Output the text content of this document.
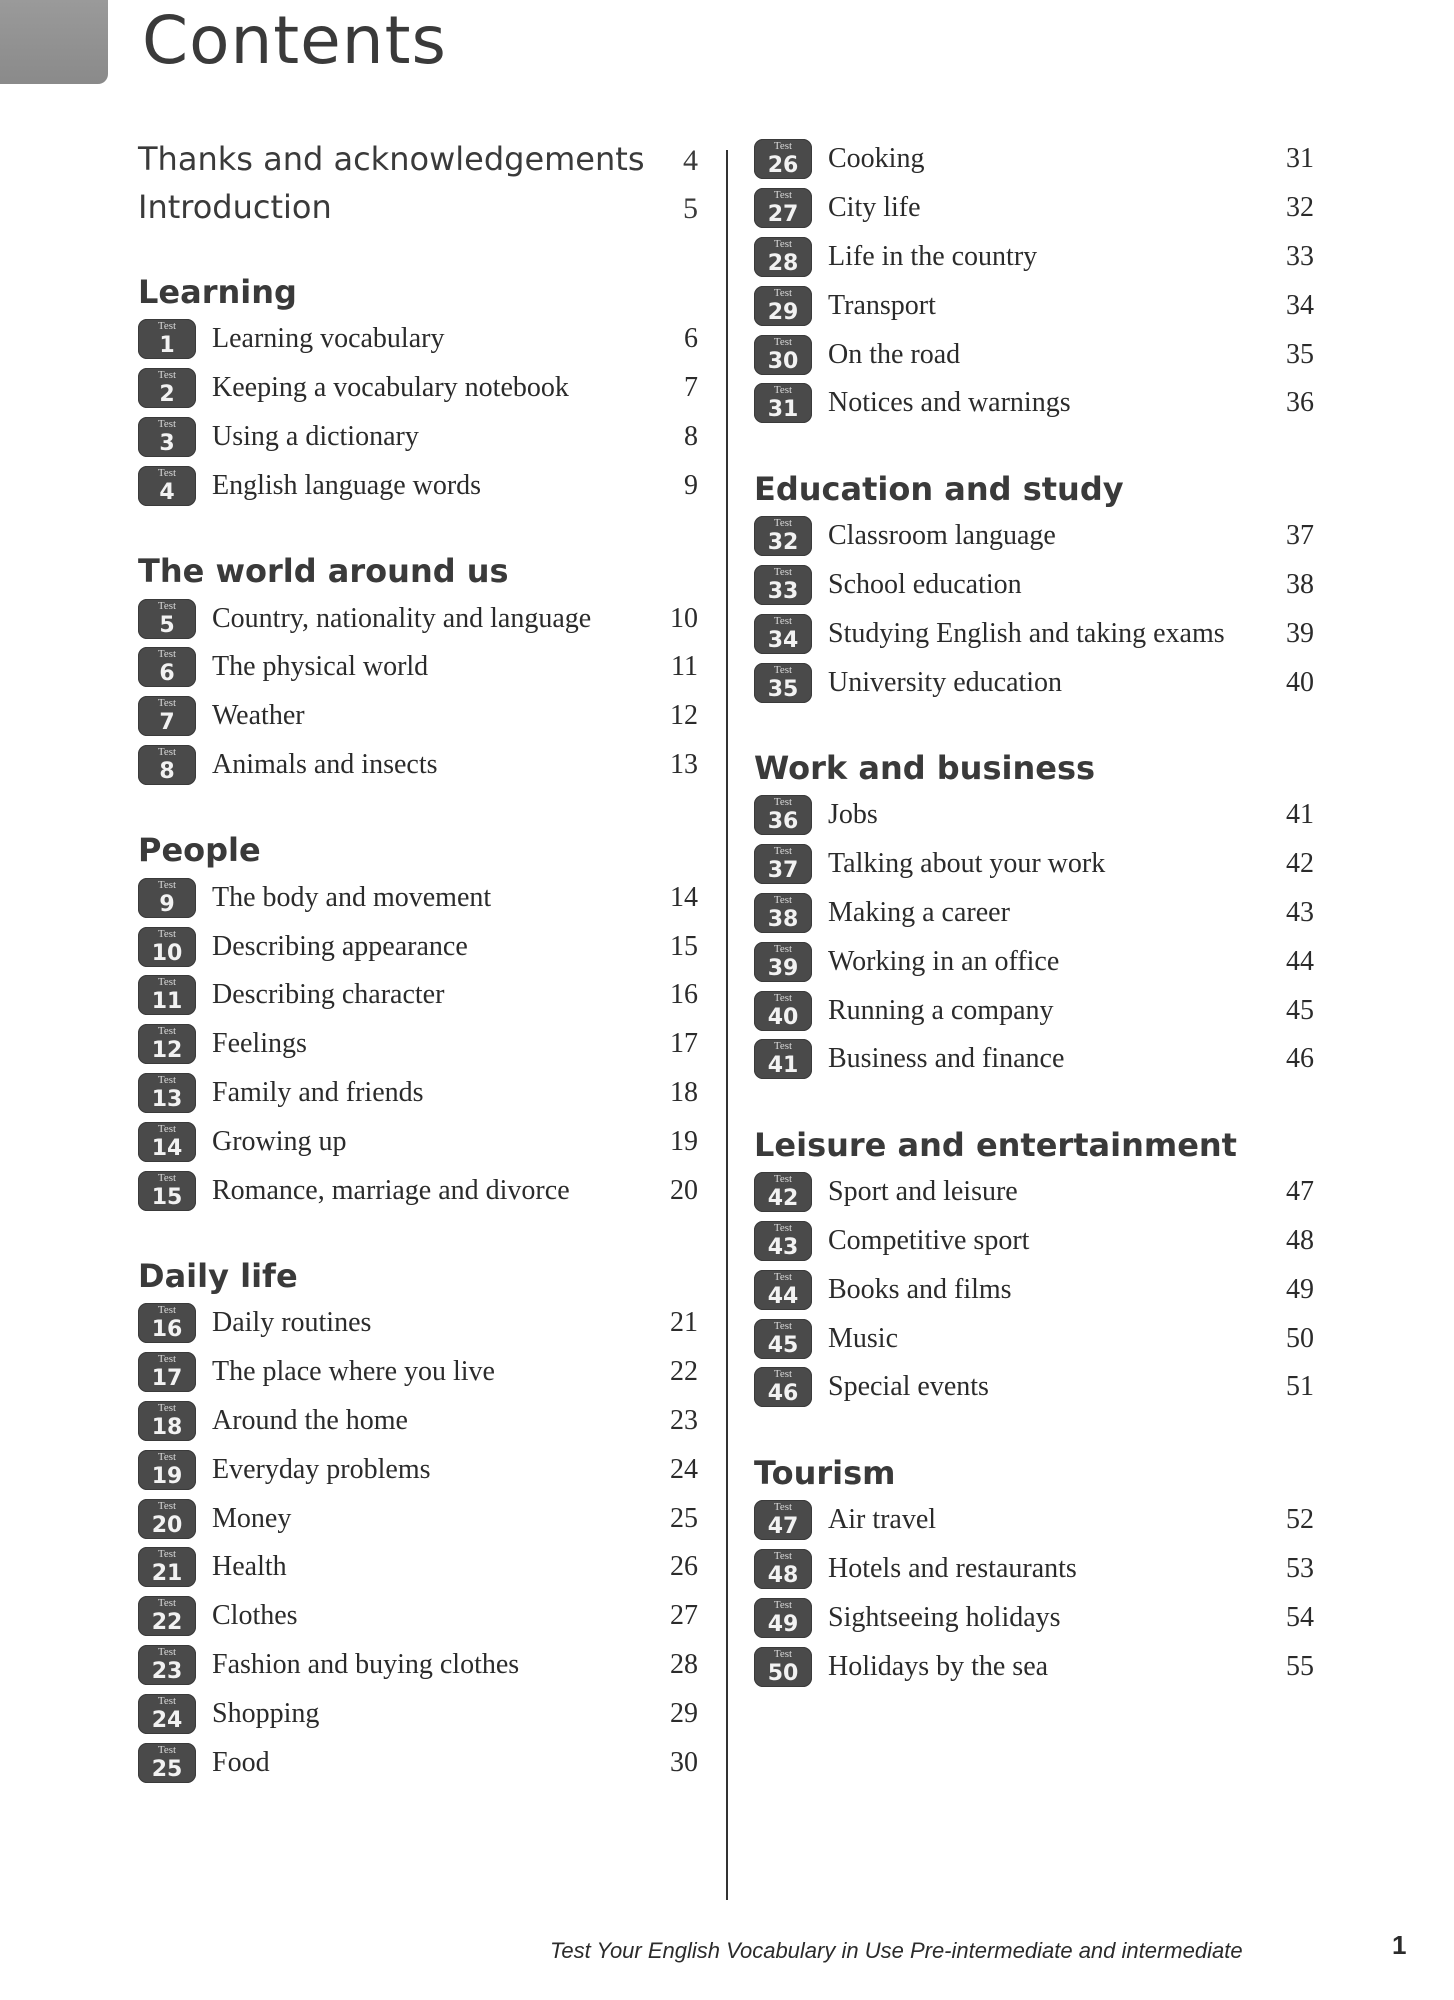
Contents
Thanks and acknowledgements 4
Introduction	5
Learning
Test
1	Learning vocabulary	6
Test
2	Keeping a vocabulary notebook	7
Test
3	Using a dictionary	8
Test
4	English language words	9
The world around us
Test
5	Country, nationality and language	10
Test
6	The physical world	11
Test
7	Weather	12
Test
8	Animals and insects	13
People
Test
9	The body and movement	14
Test
10	Describing appearance	15
Test
11	Describing character	16
Test
12	Feelings	17
Test
13	Family and friends	18
Test
14	Growing up	19
Test
15	Romance, marriage and divorce	20
Daily life
Test
16	Daily routines	21
Test
17	The place where you live	22
Test
18	Around the home	23
Test
19	Everyday problems	24
Test
20	Money	25
Test
21	Health	26
Test
22	Clothes	27
Test
23	Fashion and buying clothes	28
Test
24	Shopping	29
Test
25	Food	30
Test
26	Cooking	31
Test
27	City life	32
Test
28	Life in the country	33
Test
29	Transport	34
Test
30	On the road	35
Test
31	Notices and warnings	36
Education and study
Test
32	Classroom language	37
Test
33	School education	38
Test
34	Studying English and taking exams	39
Test
35	University education	40
Work and business
Test
36	Jobs	41
Test
37	Talking about your work	42
Test
38	Making a career	43
Test
39	Working in an office	44
Test
40	Running a company	45
Test
41	Business and finance	46
Leisure and entertainment
Test
42	Sport and leisure	47
Test
43	Competitive sport	48
Test
44	Books and films	49
Test
45	Music	50
Test
46	Special events	51
Tourism
Test
47	Air travel	52
Test
48	Hotels and restaurants	53
Test
49	Sightseeing holidays	54
Test
50	Holidays by the sea	55
Test Your English Vocabulary in Use Pre-intermediate and intermediate	1
